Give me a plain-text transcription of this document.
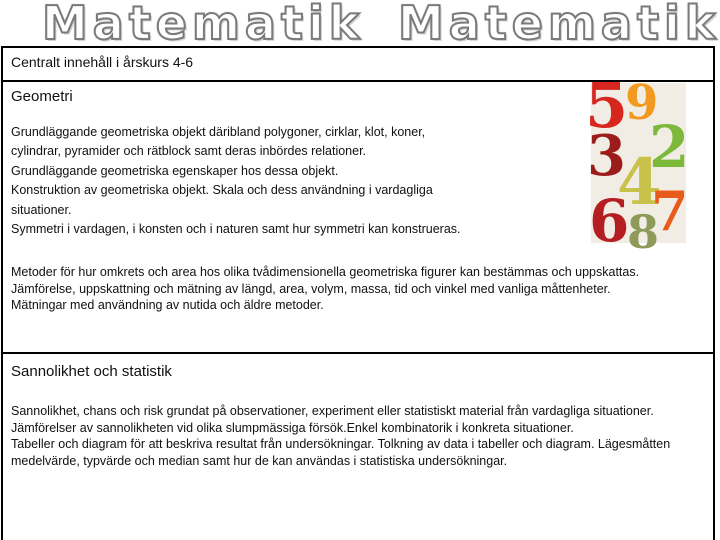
Matematik Matematik
Centralt innehåll i årskurs 4-6
Geometri
Grundläggande geometriska objekt däribland polygoner, cirklar, klot, koner,
cylindrar, pyramider och rätblock samt deras inbördes relationer.
Grundläggande geometriska egenskaper hos dessa objekt.
Konstruktion av geometriska objekt. Skala och dess användning i vardagliga
situationer.
Symmetri i vardagen, i konsten och i naturen samt hur symmetri kan konstrueras.

Metoder för hur omkrets och area hos olika tvådimensionella geometriska figurer kan bestämmas och uppskattas.

Jämförelse, uppskattning och mätning av längd, area, volym, massa, tid och vinkel med vanliga måttenheter.

Mätningar med användning av nutida och äldre metoder.

Sannolikhet och statistik

Sannolikhet, chans och risk grundat på observationer, experiment eller statistiskt material från vardagliga situationer. Jämförelser av sannolikheten vid olika slumpmässiga försök.Enkel kombinatorik i konkreta situationer.

Tabeller och diagram för att beskriva resultat från undersökningar. Tolkning av data i tabeller och diagram. Lägesmåtten medelvärde, typvärde och median samt hur de kan användas i statistiska undersökningar.

5
9
2
3
4
7
6
8
